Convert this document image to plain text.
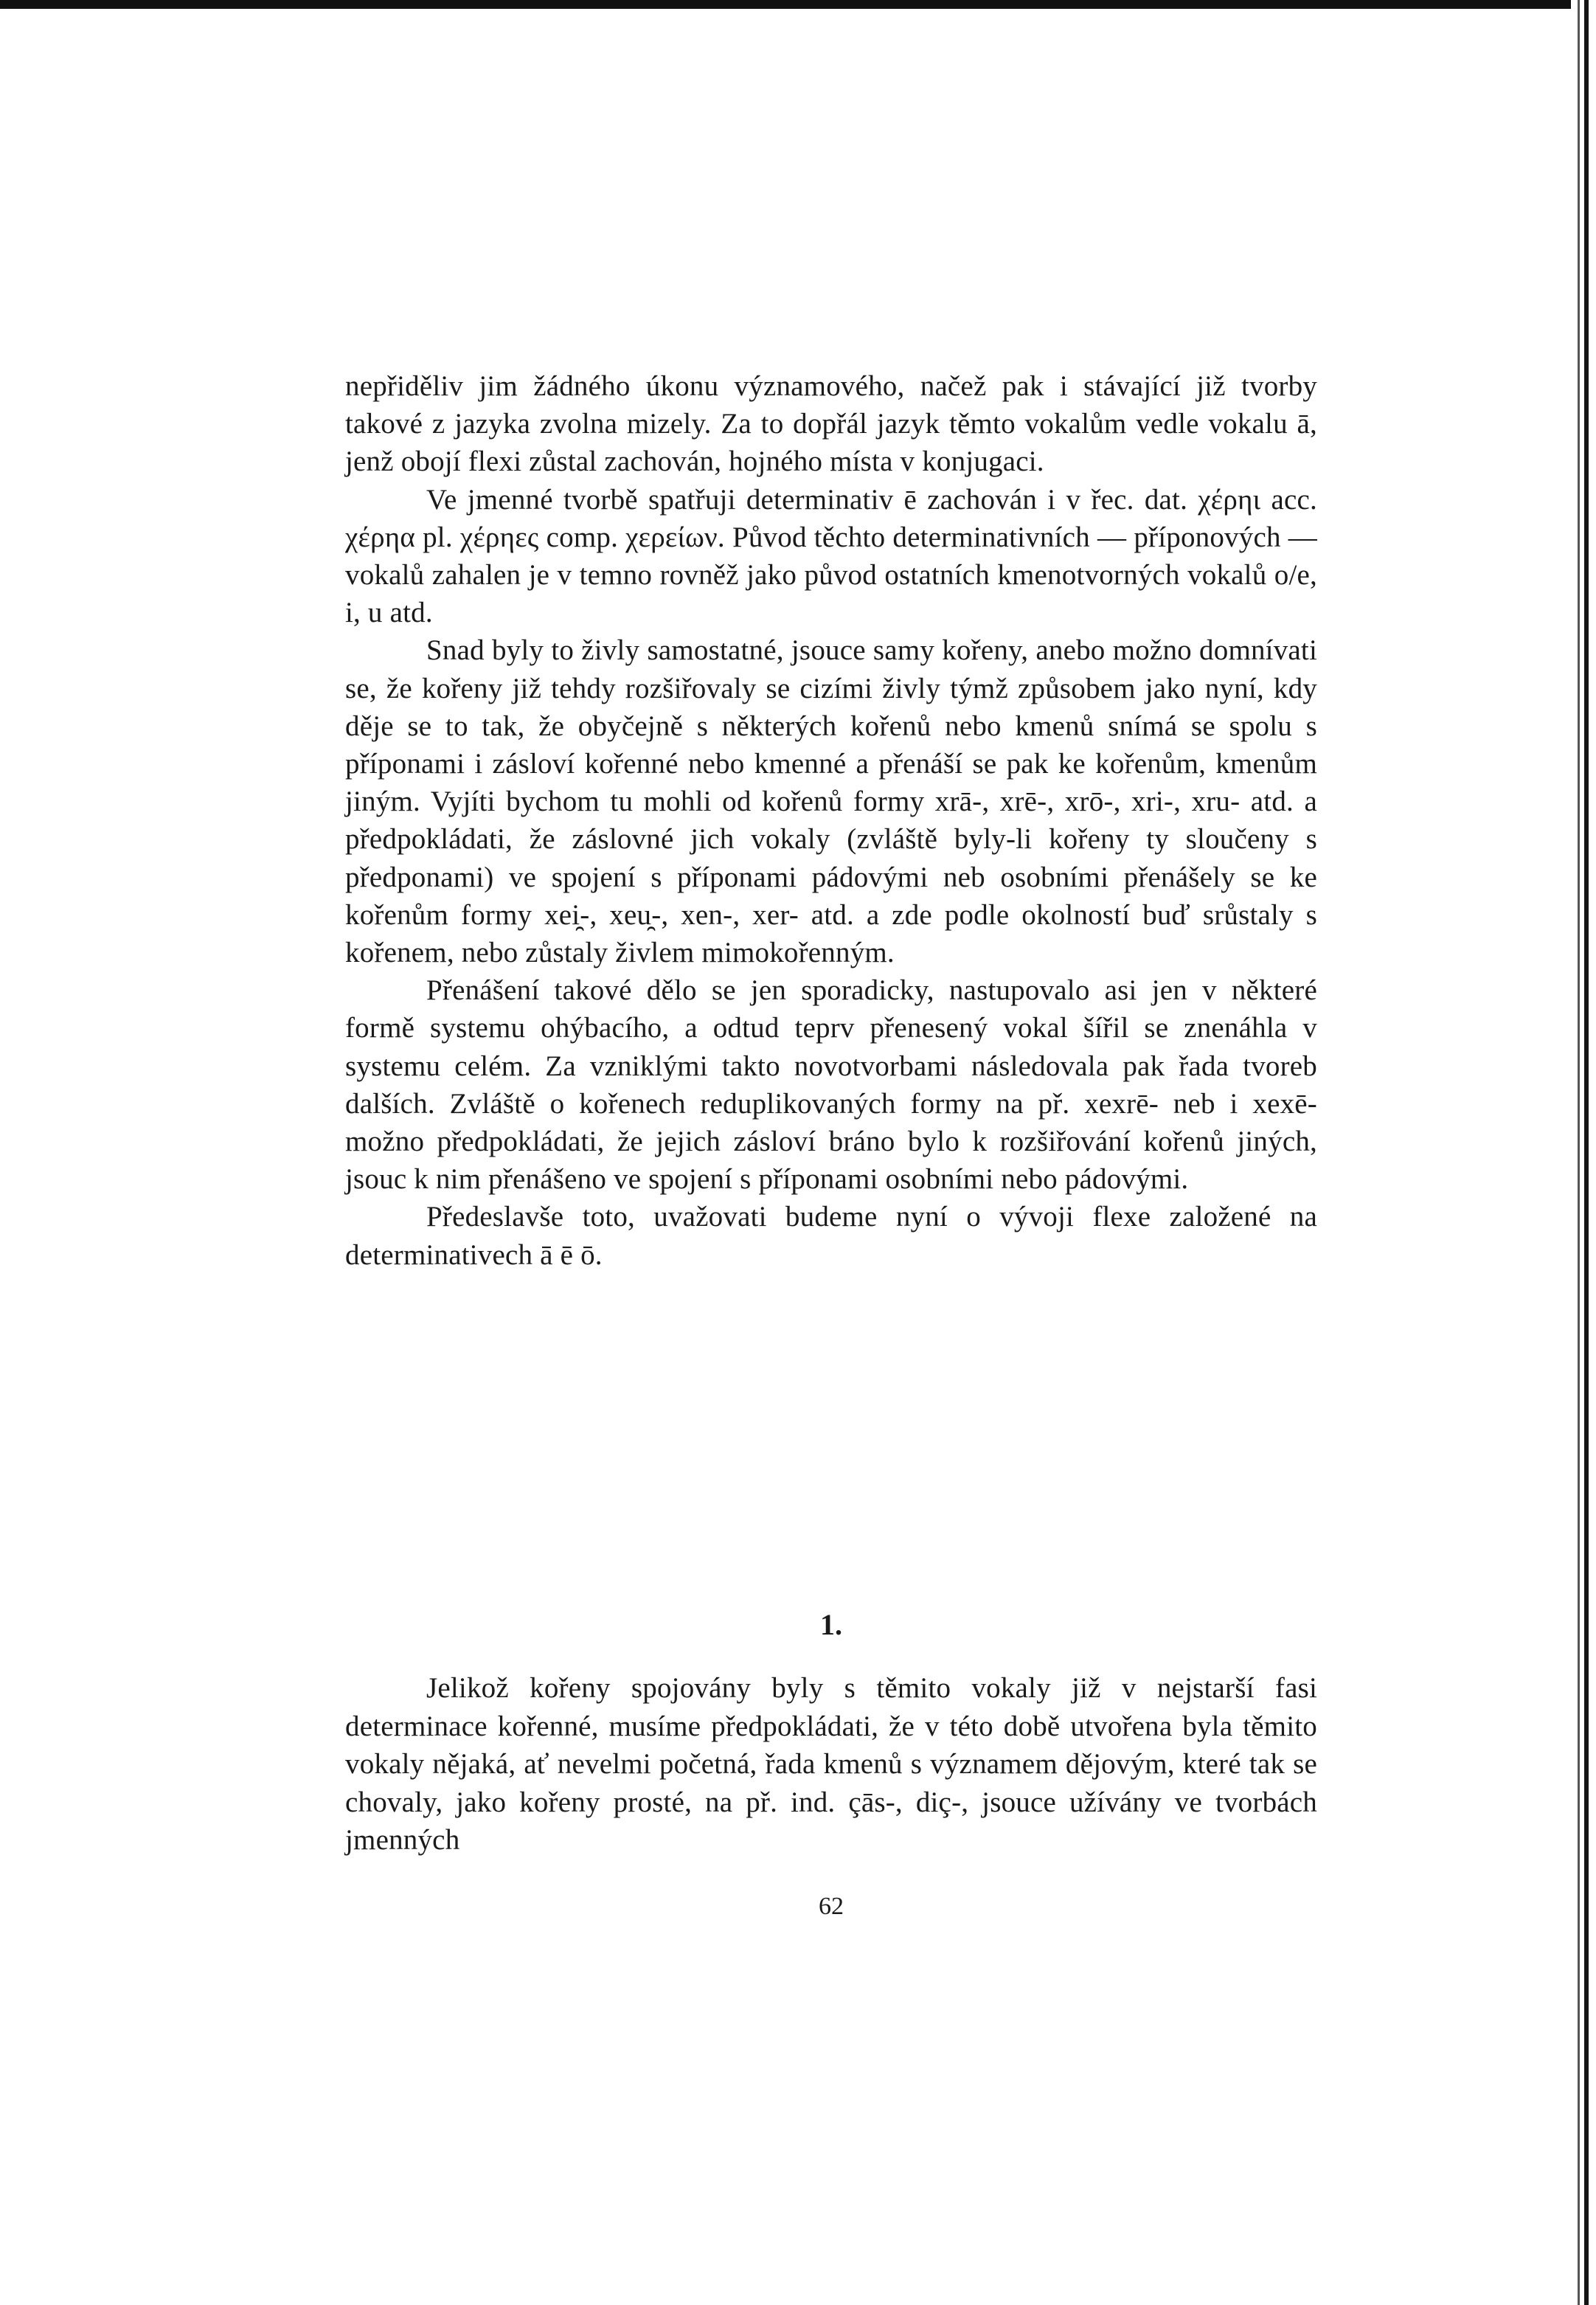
nepřiděliv jim žádného úkonu významového, načež pak i stávající již tvorby takové z jazyka zvolna mizely. Za to dopřál jazyk těmto vokalům vedle vokalu ā, jenž obojí flexi zůstal zachován, hojného místa v konjugaci.

Ve jmenné tvorbě spatřuji determinativ ē zachován i v řec. dat. χέρηι acc. χέρηα pl. χέρηες comp. χερείων. Původ těchto determinativních — příponových — vokalů zahalen je v temno rovněž jako původ ostatních kmenotvorných vokalů o/e, i, u atd.

Snad byly to živly samostatné, jsouce samy kořeny, anebo možno domnívati se, že kořeny již tehdy rozšiřovaly se cizími živly týmž způsobem jako nyní, kdy děje se to tak, že obyčejně s některých kořenů nebo kmenů snímá se spolu s příponami i zásloví kořenné nebo kmenné a přenáší se pak ke kořenům, kmenům jiným. Vyjíti bychom tu mohli od kořenů formy xrā-, xrē-, xrō-, xri-, xru- atd. a předpokládati, že záslovné jich vokaly (zvláště byly-li kořeny ty sloučeny s předponami) ve spojení s příponami pádovými neb osobními přenášely se ke kořenům formy xei̯-, xeu̯-, xen-, xer- atd. a zde podle okolností buď srůstaly s kořenem, nebo zůstaly živlem mimokořenným.

Přenášení takové dělo se jen sporadicky, nastupovalo asi jen v některé formě systemu ohýbacího, a odtud teprv přenesený vokal šířil se znenáhla v systemu celém. Za vzniklými takto novotvorbami následovala pak řada tvoreb dalších. Zvláště o kořenech reduplikovaných formy na př. xexrē- neb i xexē- možno předpokládati, že jejich zásloví bráno bylo k rozšiřování kořenů jiných, jsouc k nim přenášeno ve spojení s příponami osobními nebo pádovými.

Předeslavše toto, uvažovati budeme nyní o vývoji flexe založené na determinativech ā ē ō.

1.

Jelikož kořeny spojovány byly s těmito vokaly již v nejstarší fasi determinace kořenné, musíme předpokládati, že v této době utvořena byla těmito vokaly nějaká, ať nevelmi početná, řada kmenů s významem dějovým, které tak se chovaly, jako kořeny prosté, na př. ind. çās-, diç-, jsouce užívány ve tvorbách jmenných

62
